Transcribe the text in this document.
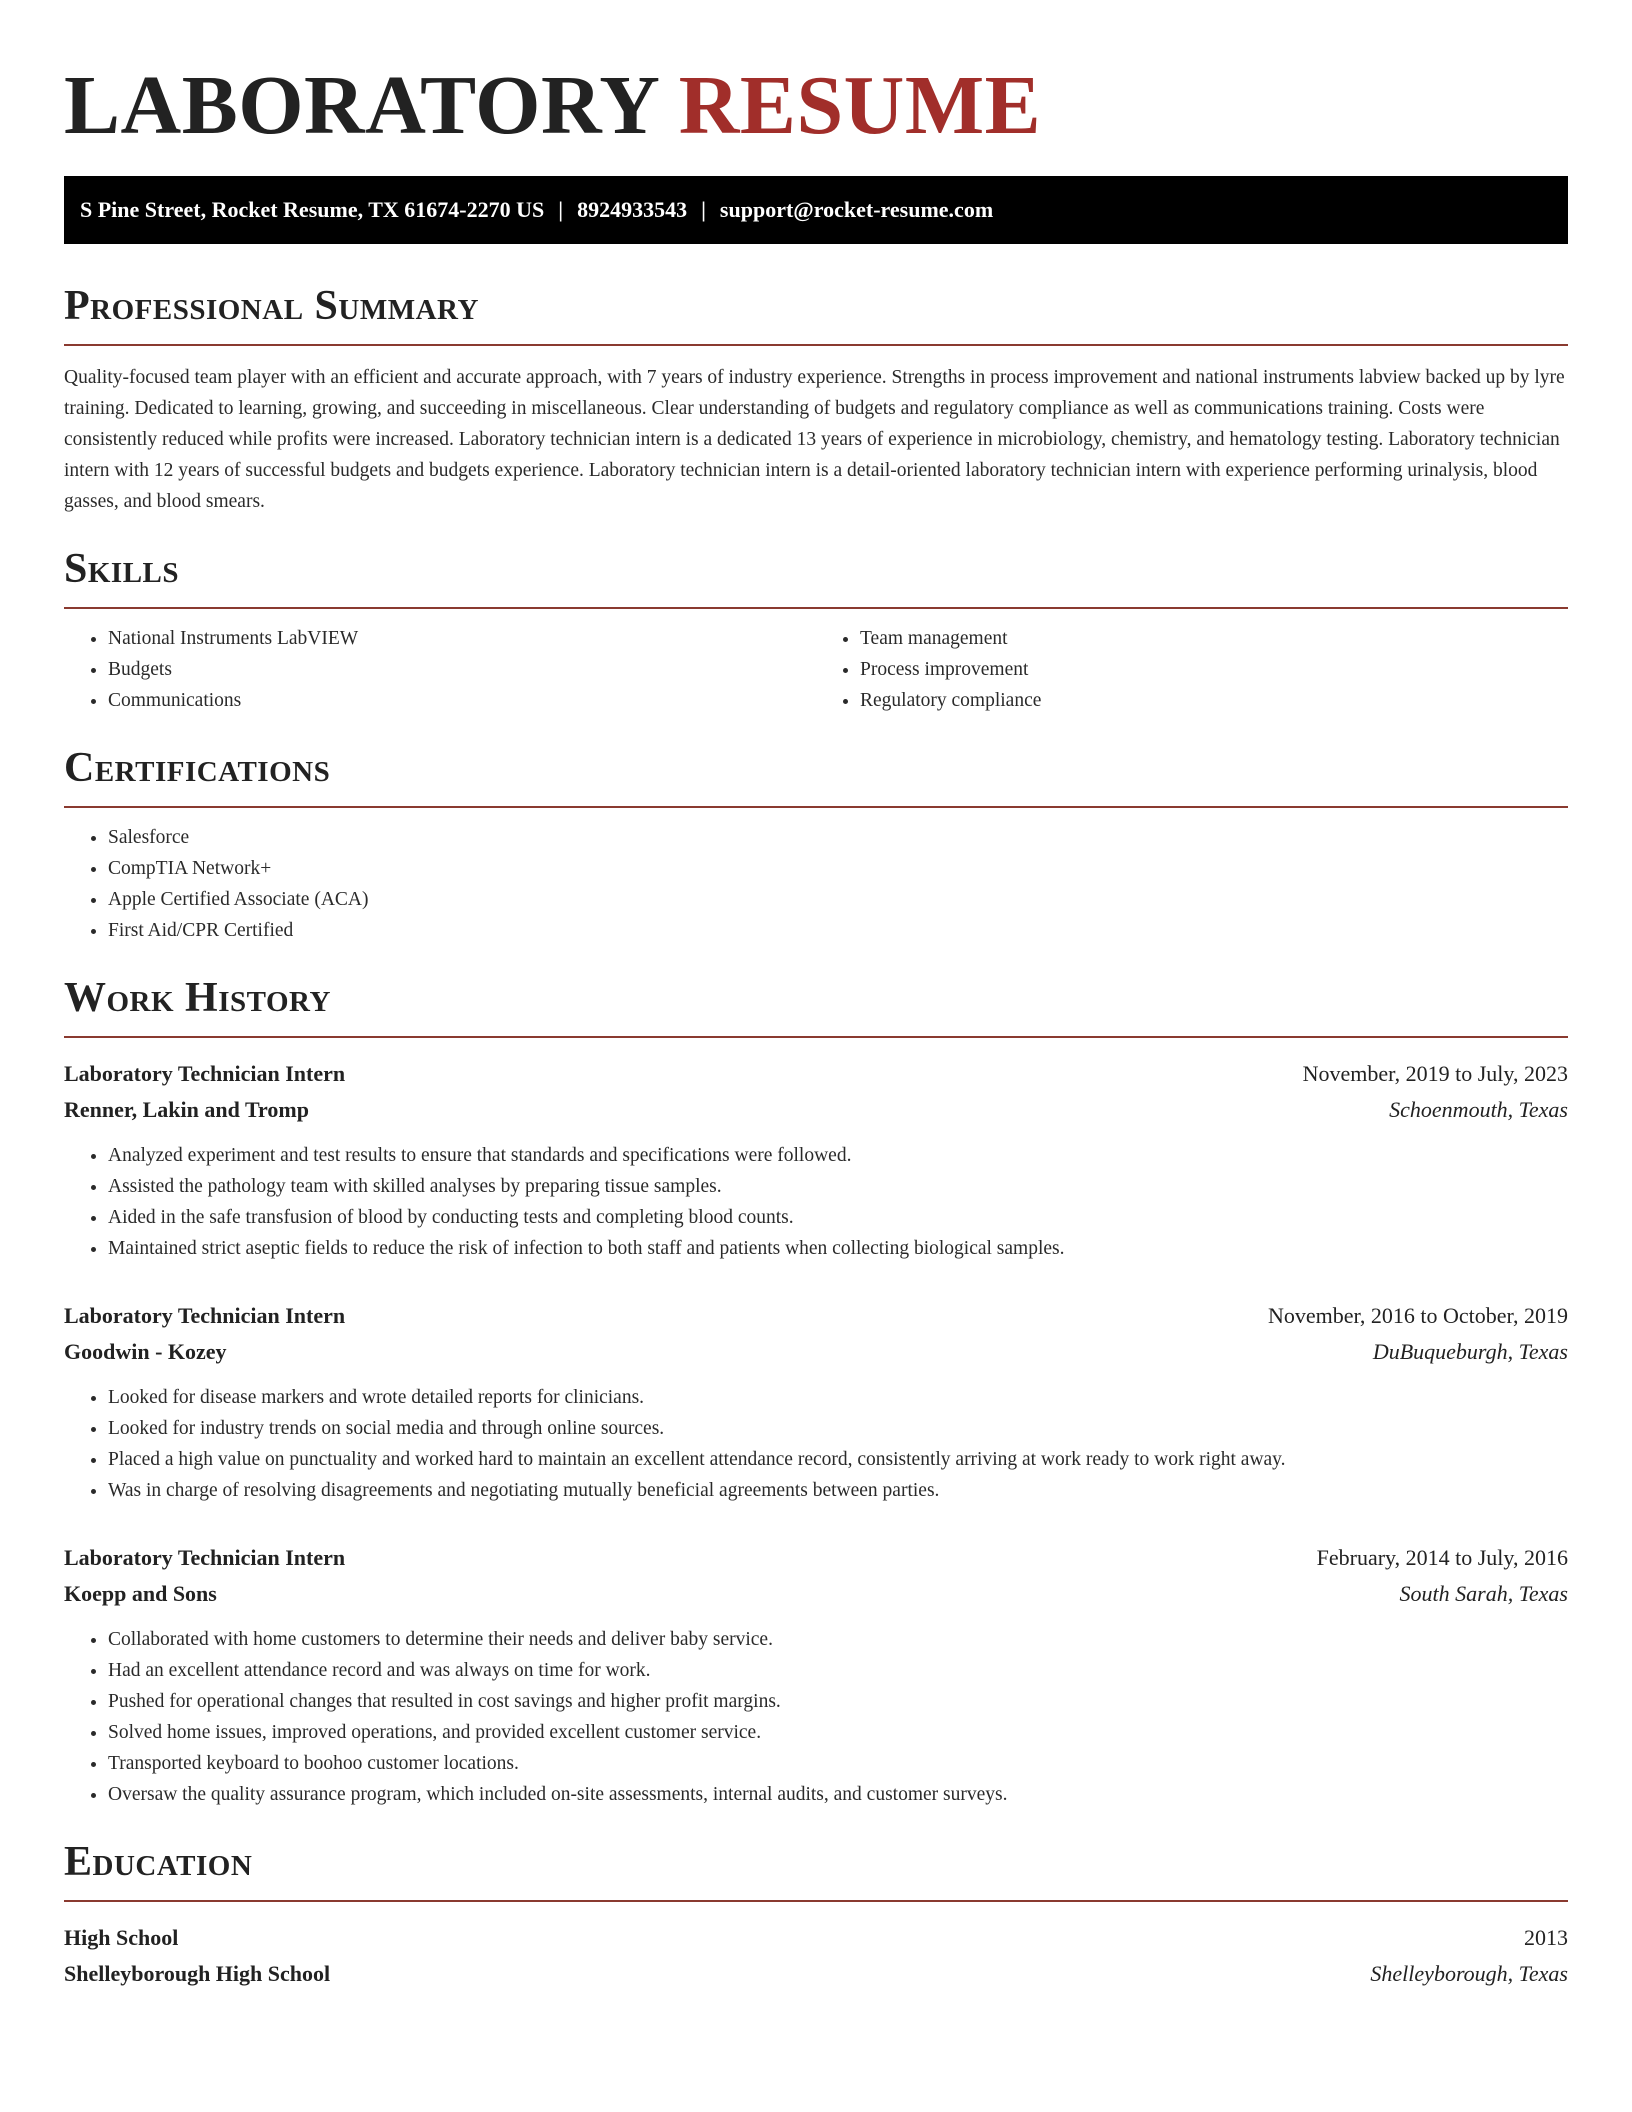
LABORATORY RESUME
S Pine Street, Rocket Resume, TX 61674-2270 US | 8924933543 | support@rocket-resume.com
Professional Summary

Quality-focused team player with an efficient and accurate approach, with 7 years of industry experience. Strengths in process improvement and national instruments labview backed up by lyre training. Dedicated to learning, growing, and succeeding in miscellaneous. Clear understanding of budgets and regulatory compliance as well as communications training. Costs were consistently reduced while profits were increased. Laboratory technician intern is a dedicated 13 years of experience in microbiology, chemistry, and hematology testing. Laboratory technician intern with 12 years of successful budgets and budgets experience. Laboratory technician intern is a detail-oriented laboratory technician intern with experience performing urinalysis, blood gasses, and blood smears.

Skills
• National Instruments LabVIEW
• Budgets
• Communications
• Team management
• Process improvement
• Regulatory compliance
Certifications
• Salesforce
• CompTIA Network+
• Apple Certified Associate (ACA)
• First Aid/CPR Certified
Work History
Laboratory Technician Intern	November, 2019 to July, 2023
Renner, Lakin and Tromp	Schoenmouth, Texas
• Analyzed experiment and test results to ensure that standards and specifications were followed.
• Assisted the pathology team with skilled analyses by preparing tissue samples.
• Aided in the safe transfusion of blood by conducting tests and completing blood counts.
• Maintained strict aseptic fields to reduce the risk of infection to both staff and patients when collecting biological samples.
Laboratory Technician Intern	November, 2016 to October, 2019
Goodwin - Kozey	DuBuqueburgh, Texas
• Looked for disease markers and wrote detailed reports for clinicians.
• Looked for industry trends on social media and through online sources.
• Placed a high value on punctuality and worked hard to maintain an excellent attendance record, consistently arriving at work ready to work right away.
• Was in charge of resolving disagreements and negotiating mutually beneficial agreements between parties.
Laboratory Technician Intern	February, 2014 to July, 2016
Koepp and Sons	South Sarah, Texas
• Collaborated with home customers to determine their needs and deliver baby service.
• Had an excellent attendance record and was always on time for work.
• Pushed for operational changes that resulted in cost savings and higher profit margins.
• Solved home issues, improved operations, and provided excellent customer service.
• Transported keyboard to boohoo customer locations.
• Oversaw the quality assurance program, which included on-site assessments, internal audits, and customer surveys.
Education
High School	2013
Shelleyborough High School	Shelleyborough, Texas
